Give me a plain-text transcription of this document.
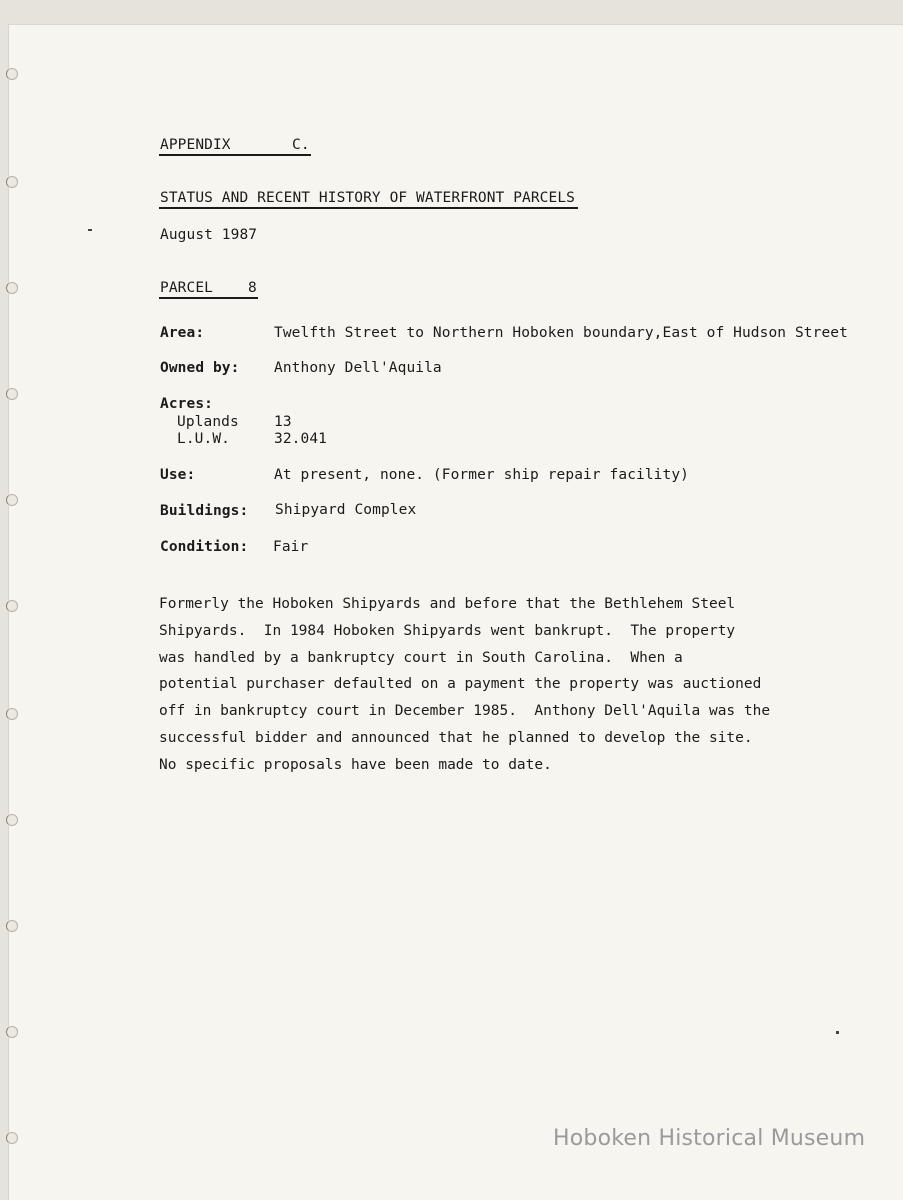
APPENDIX	C.
STATUS AND RECENT HISTORY OF WATERFRONT PARCELS
August 1987
PARCEL 8
Area:	Twelfth Street to Northern Hoboken boundary,East of Hudson Street
Owned by: Anthony Dell'Aquila
Acres:
Uplands 13
L.U.W.	32.041
Use:	At present, none. (Former ship repair facility)
Buildings: Shipyard Complex
Condition: Fair
Formerly the Hoboken Shipyards and before that the Bethlehem Steel
Shipyards.  In 1984 Hoboken Shipyards went bankrupt.  The property
was handled by a bankruptcy court in South Carolina.  When a
potential purchaser defaulted on a payment the property was auctioned
off in bankruptcy court in December 1985.  Anthony Dell'Aquila was the
successful bidder and announced that he planned to develop the site.
No specific proposals have been made to date.
Hoboken Historical Museum
